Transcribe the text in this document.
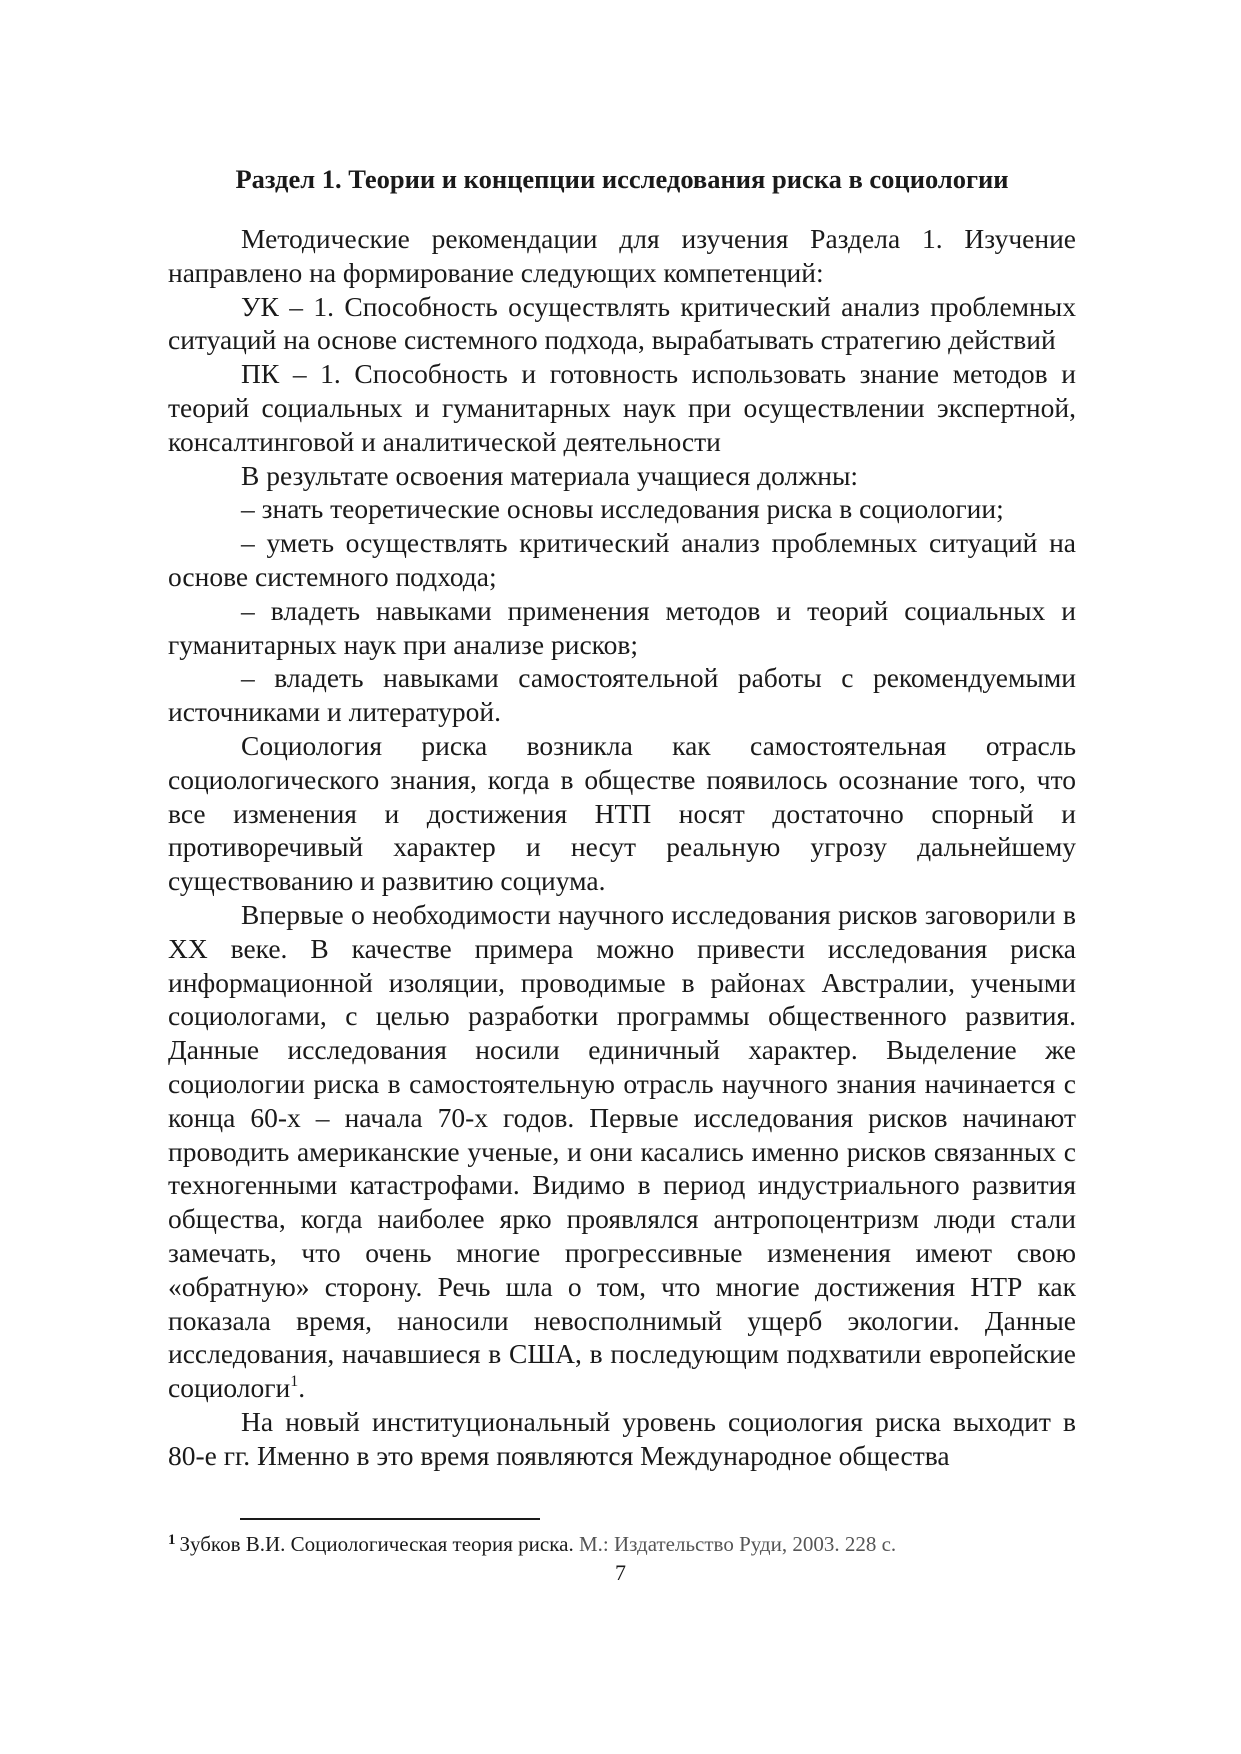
Раздел 1. Теории и концепции исследования риска в социологии

Методические рекомендации для изучения Раздела 1. Изучение направлено на формирование следующих компетенций:

УК – 1. Способность осуществлять критический анализ проблемных ситуаций на основе системного подхода, вырабатывать стратегию действий

ПК – 1. Способность и готовность использовать знание методов и теорий социальных и гуманитарных наук при осуществлении экспертной, консалтинговой и аналитической деятельности

В результате освоения материала учащиеся должны:

– знать теоретические основы исследования риска в социологии;

– уметь осуществлять критический анализ проблемных ситуаций на основе системного подхода;

– владеть навыками применения методов и теорий социальных и гуманитарных наук при анализе рисков;

– владеть навыками самостоятельной работы с рекомендуемыми источниками и литературой.

Социология риска возникла как самостоятельная отрасль социологического знания, когда в обществе появилось осознание того, что все изменения и достижения НТП носят достаточно спорный и противоречивый характер и несут реальную угрозу дальнейшему существованию и развитию социума.

Впервые о необходимости научного исследования рисков заговорили в XX веке. В качестве примера можно привести исследования риска информационной изоляции, проводимые в районах Австралии, учеными социологами, с целью разработки программы общественного развития. Данные исследования носили единичный характер. Выделение же социологии риска в самостоятельную отрасль научного знания начинается с конца 60-х – начала 70-х годов. Первые исследования рисков начинают проводить американские ученые, и они касались именно рисков связанных с техногенными катастрофами. Видимо в период индустриального развития общества, когда наиболее ярко проявлялся антропоцентризм люди стали замечать, что очень многие прогрессивные изменения имеют свою «обратную» сторону. Речь шла о том, что многие достижения НТР как показала время, наносили невосполнимый ущерб экологии. Данные исследования, начавшиеся в США, в последующим подхватили европейские социологи$^1$.

На новый институциональный уровень социология риска выходит в 80-е гг. Именно в это время появляются Международное общества

$^1$ Зубков В.И. Социологическая теория риска. М.: Издательство Руди, 2003. 228 с.
7
